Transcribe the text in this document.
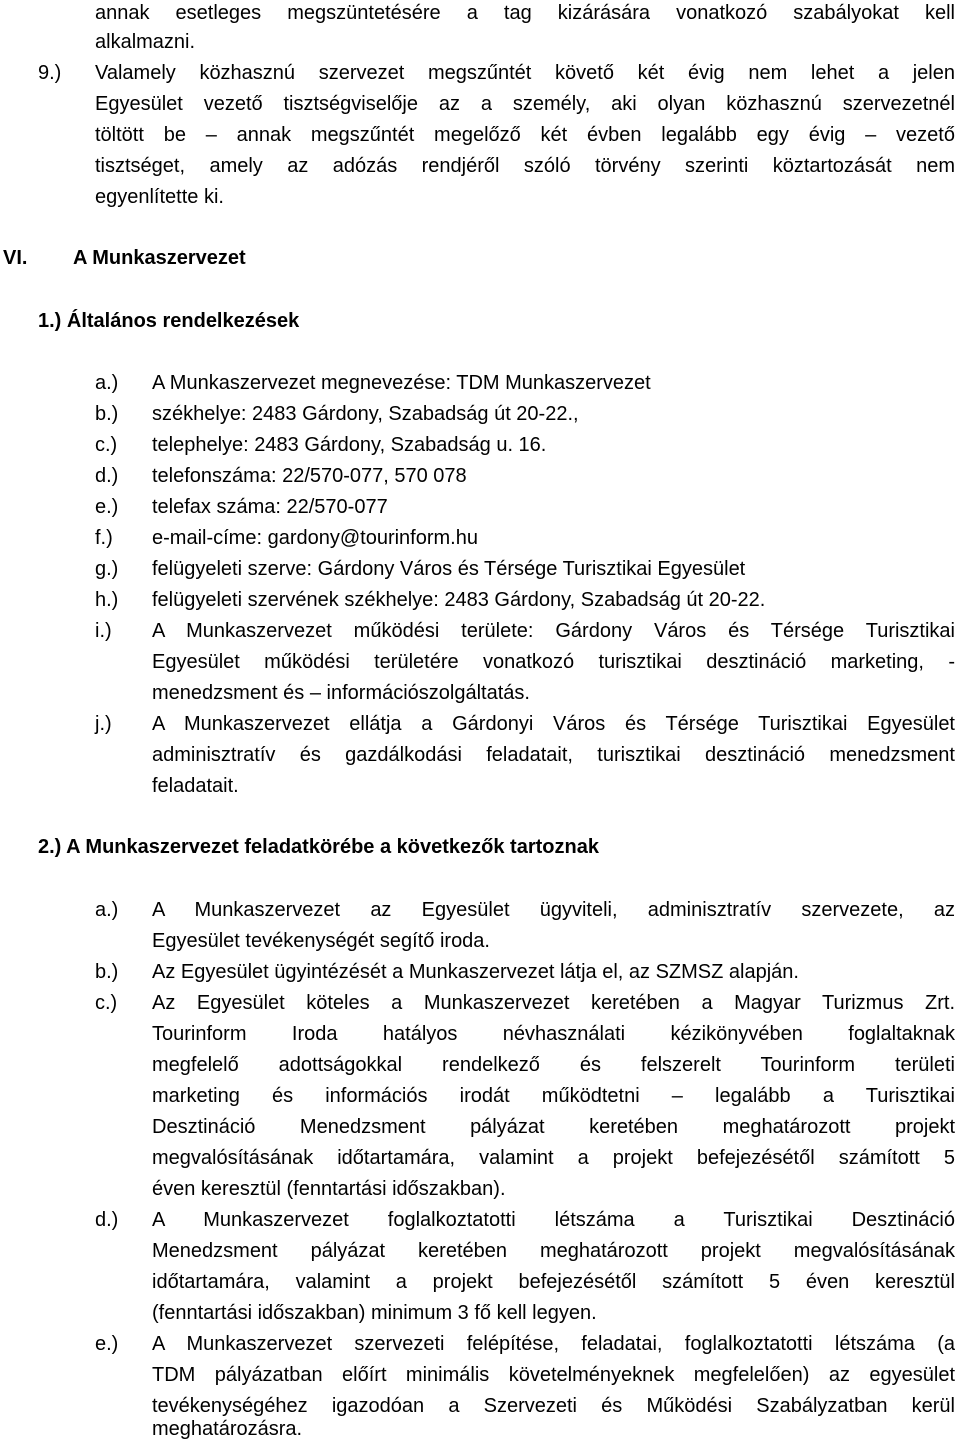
annak esetleges megszüntetésére a tag kizárására vonatkozó szabályokat kell
alkalmazni.
9.) Valamely közhasznú szervezet megszűntét követő két évig nem lehet a jelen
Egyesület vezető tisztségviselője az a személy, aki olyan közhasznú szervezetnél
töltött be – annak megszűntét megelőző két évben legalább egy évig – vezető
tisztséget, amely az adózás rendjéről szóló törvény szerinti köztartozását nem
egyenlítette ki.
VI. A Munkaszervezet
1.) Általános rendelkezések
a.) A Munkaszervezet megnevezése: TDM Munkaszervezet
b.) székhelye: 2483 Gárdony, Szabadság út 20-22.,
c.) telephelye: 2483 Gárdony, Szabadság u. 16.
d.) telefonszáma: 22/570-077, 570 078
e.) telefax száma: 22/570-077
f.) e-mail-címe: gardony@tourinform.hu
g.) felügyeleti szerve: Gárdony Város és Térsége Turisztikai Egyesület
h.) felügyeleti szervének székhelye: 2483 Gárdony, Szabadság út 20-22.
i.) A Munkaszervezet működési területe: Gárdony Város és Térsége Turisztikai
Egyesület működési területére vonatkozó turisztikai desztináció marketing, -
menedzsment és – információszolgáltatás.
j.) A Munkaszervezet ellátja a Gárdonyi Város és Térsége Turisztikai Egyesület
adminisztratív és gazdálkodási feladatait, turisztikai desztináció menedzsment
feladatait.
2.) A Munkaszervezet feladatkörébe a következők tartoznak
a.) A Munkaszervezet az Egyesület ügyviteli, adminisztratív szervezete, az
Egyesület tevékenységét segítő iroda.
b.) Az Egyesület ügyintézését a Munkaszervezet látja el, az SZMSZ alapján.
c.) Az Egyesület köteles a Munkaszervezet keretében a Magyar Turizmus Zrt.
Tourinform Iroda hatályos névhasználati kézikönyvében foglaltaknak
megfelelő adottságokkal rendelkező és felszerelt Tourinform területi
marketing és információs irodát működtetni – legalább a Turisztikai
Desztináció Menedzsment pályázat keretében meghatározott projekt
megvalósításának időtartamára, valamint a projekt befejezésétől számított 5
éven keresztül (fenntartási időszakban).
d.) A Munkaszervezet foglalkoztatotti létszáma a Turisztikai Desztináció
Menedzsment pályázat keretében meghatározott projekt megvalósításának
időtartamára, valamint a projekt befejezésétől számított 5 éven keresztül
(fenntartási időszakban) minimum 3 fő kell legyen.
e.) A Munkaszervezet szervezeti felépítése, feladatai, foglalkoztatotti létszáma (a
TDM pályázatban előírt minimális követelményeknek megfelelően) az egyesület
tevékenységéhez igazodóan a Szervezeti és Működési Szabályzatban kerül
meghatározásra.
